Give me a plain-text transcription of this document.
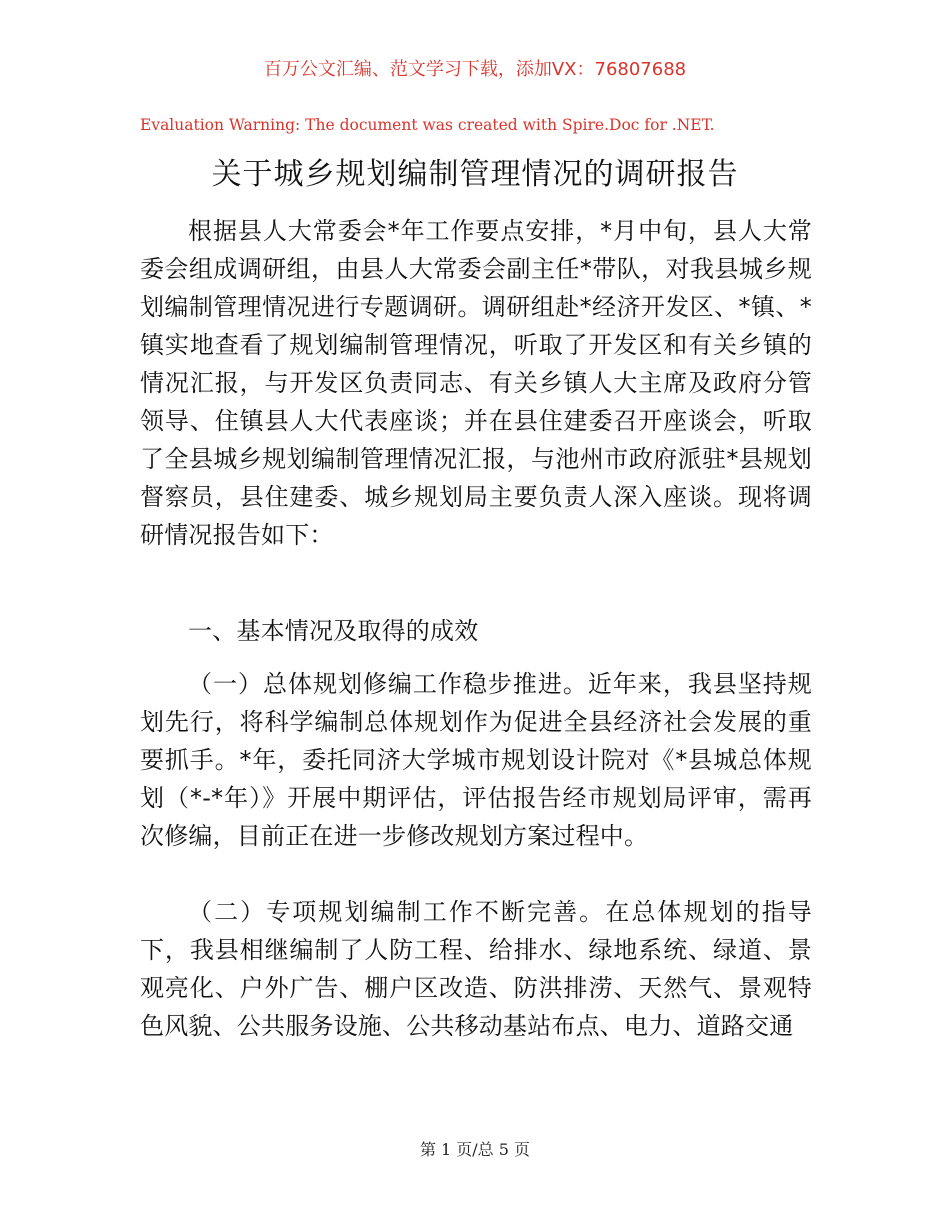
百万公文汇编、范文学习下载，添加VX：76807688
Evaluation Warning: The document was created with Spire.Doc for .NET.
关于城乡规划编制管理情况的调研报告

根据县人大常委会*年工作要点安排，*月中旬，县人大常委会组成调研组，由县人大常委会副主任*带队，对我县城乡规划编制管理情况进行专题调研。调研组赴*经济开发区、*镇、*镇实地查看了规划编制管理情况，听取了开发区和有关乡镇的情况汇报，与开发区负责同志、有关乡镇人大主席及政府分管领导、住镇县人大代表座谈；并在县住建委召开座谈会，听取了全县城乡规划编制管理情况汇报，与池州市政府派驻*县规划督察员，县住建委、城乡规划局主要负责人深入座谈。现将调研情况报告如下：

一、基本情况及取得的成效

（一）总体规划修编工作稳步推进。近年来，我县坚持规划先行，将科学编制总体规划作为促进全县经济社会发展的重要抓手。*年，委托同济大学城市规划设计院对《*县城总体规划（*-*年）》开展中期评估，评估报告经市规划局评审，需再次修编，目前正在进一步修改规划方案过程中。

（二）专项规划编制工作不断完善。在总体规划的指导下，我县相继编制了人防工程、给排水、绿地系统、绿道、景观亮化、户外广告、棚户区改造、防洪排涝、天然气、景观特色风貌、公共服务设施、公共移动基站布点、电力、道路交通

第 1 页/总 5 页
